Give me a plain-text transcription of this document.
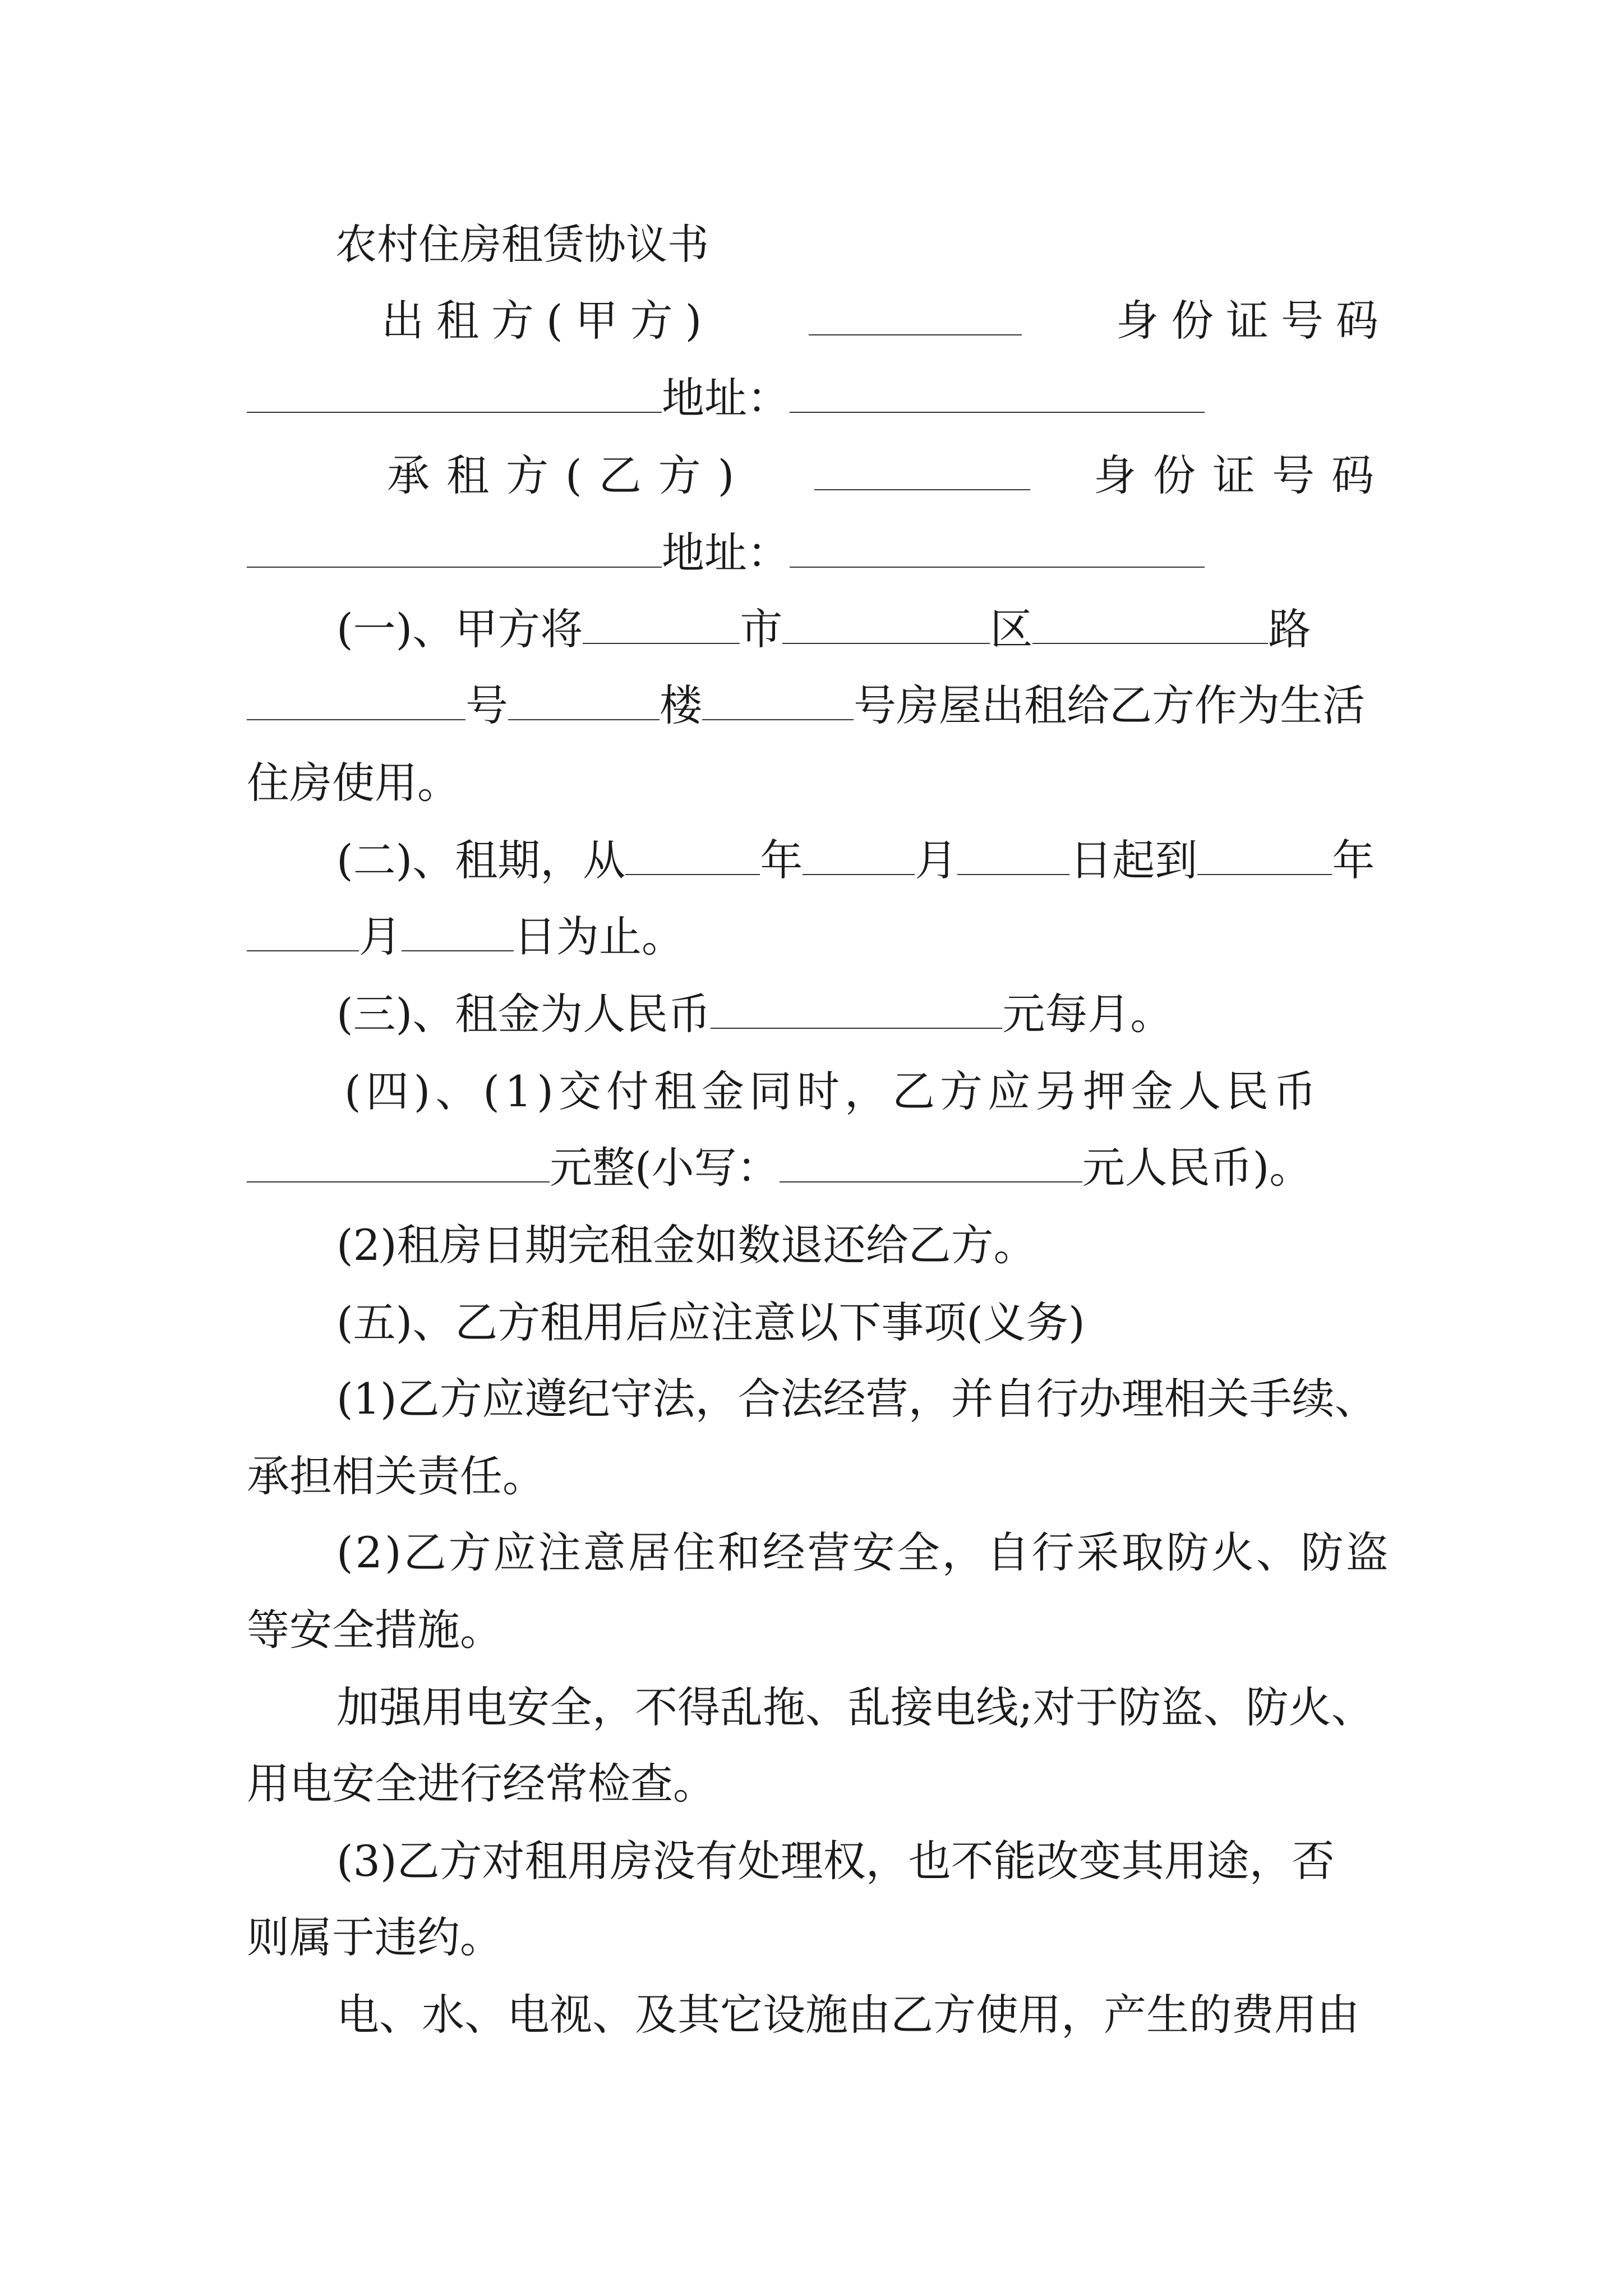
农村住房租赁协议书
出租方(甲方)	身份证号码
地址：
承租方(乙方)	身份证号码
地址：
(一)、甲方将	市	区	路
号	楼	号房屋出租给乙方作为生活
住房使用。
(二)、租期，从	年	月	日起到	年
月	日为止。
(三)、租金为人民币	元每月。
(四)、(1)交付租金同时，乙方应另押金人民币
元整(小写：	元人民币)。
(2)租房日期完租金如数退还给乙方。
(五)、乙方租用后应注意以下事项(义务)
(1)乙方应遵纪守法，合法经营，并自行办理相关手续、
承担相关责任。
(2)乙方应注意居住和经营安全，自行采取防火、防盗
等安全措施。
加强用电安全，不得乱拖、乱接电线;对于防盗、防火、
用电安全进行经常检查。
(3)乙方对租用房没有处理权，也不能改变其用途，否
则属于违约。
电、水、电视、及其它设施由乙方使用，产生的费用由
